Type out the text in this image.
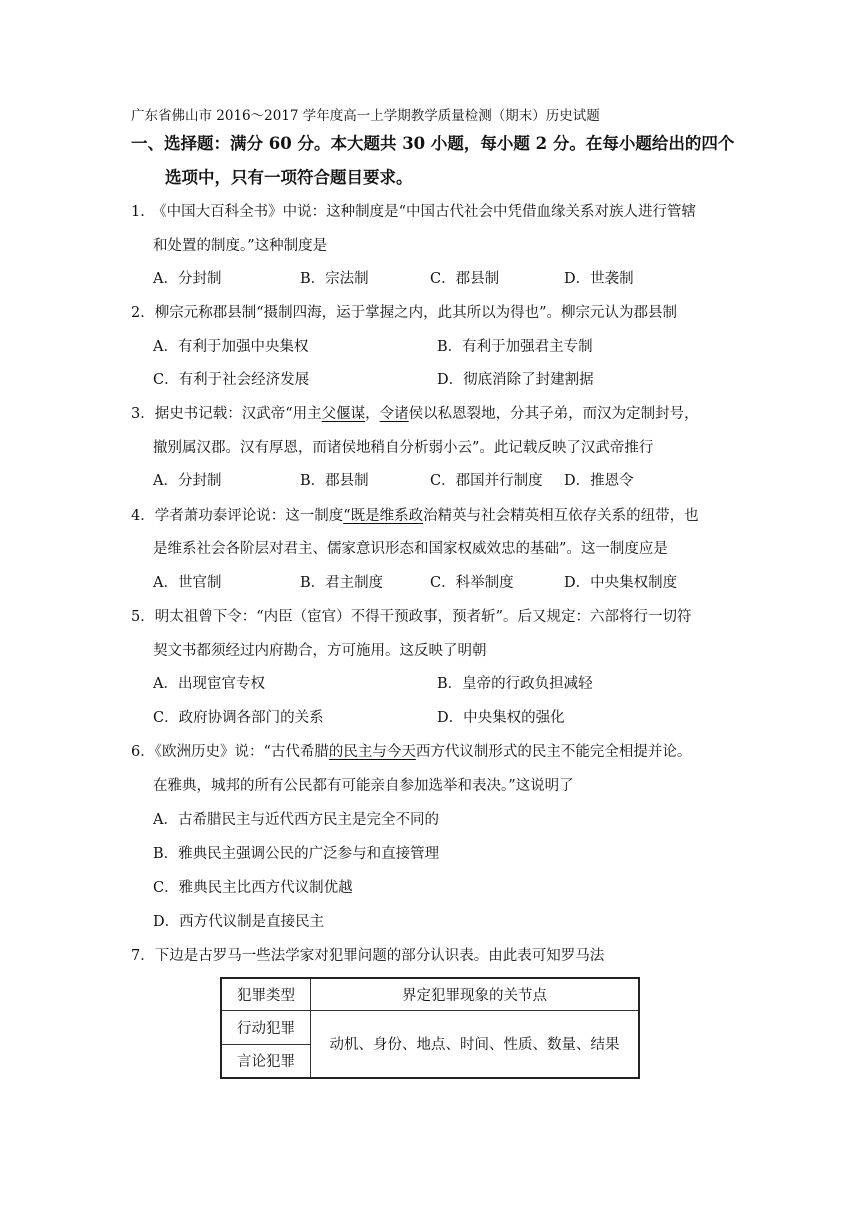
广东省佛山市 2016～2017 学年度高一上学期教学质量检测（期末）历史试题
一、选择题：满分 60 分。本大题共 30 小题，每小题 2 分。在每小题给出的四个
选项中，只有一项符合题目要求。
1.　《中国大百科全书》中说：这种制度是“中国古代社会中凭借血缘关系对族人进行管辖
和处置的制度。”这种制度是
A．分封制	B．宗法制	C．郡县制	D．世袭制
2．柳宗元称郡县制“摄制四海，运于掌握之内，此其所以为得也”。柳宗元认为郡县制
A．有利于加强中央集权	B．有利于加强君主专制
C．有利于社会经济发展	D．彻底消除了封建割据
3．据史书记载：汉武帝“用主父偃谋，令诸侯以私恩裂地，分其子弟，而汉为定制封号，
撤别属汉郡。汉有厚恩，而诸侯地稍自分析弱小云”。此记载反映了汉武帝推行
A．分封制	B．郡县制	C．郡国并行制度 D．推恩令
4．学者萧功泰评论说：这一制度“既是维系政治精英与社会精英相互依存关系的纽带，也
是维系社会各阶层对君主、儒家意识形态和国家权威效忠的基础”。这一制度应是
A．世官制	B．君主制度	C．科举制度	D．中央集权制度
5．明太祖曾下令：“内臣（宦官）不得干预政事，预者斩”。后又规定：六部将行一切符
契文书都须经过内府勘合，方可施用。这反映了明朝
A．出现宦官专权	B．皇帝的行政负担减轻
C．政府协调各部门的关系	D．中央集权的强化
6．《欧洲历史》说：“古代希腊的民主与今天西方代议制形式的民主不能完全相提并论。
在雅典，城邦的所有公民都有可能亲自参加选举和表决。”这说明了
A．古希腊民主与近代西方民主是完全不同的
B．雅典民主强调公民的广泛参与和直接管理
C．雅典民主比西方代议制优越
D．西方代议制是直接民主
7．下边是古罗马一些法学家对犯罪问题的部分认识表。由此表可知罗马法
犯罪类型	界定犯罪现象的关节点
行动犯罪	动机、身份、地点、时间、性质、数量、结果
言论犯罪	
